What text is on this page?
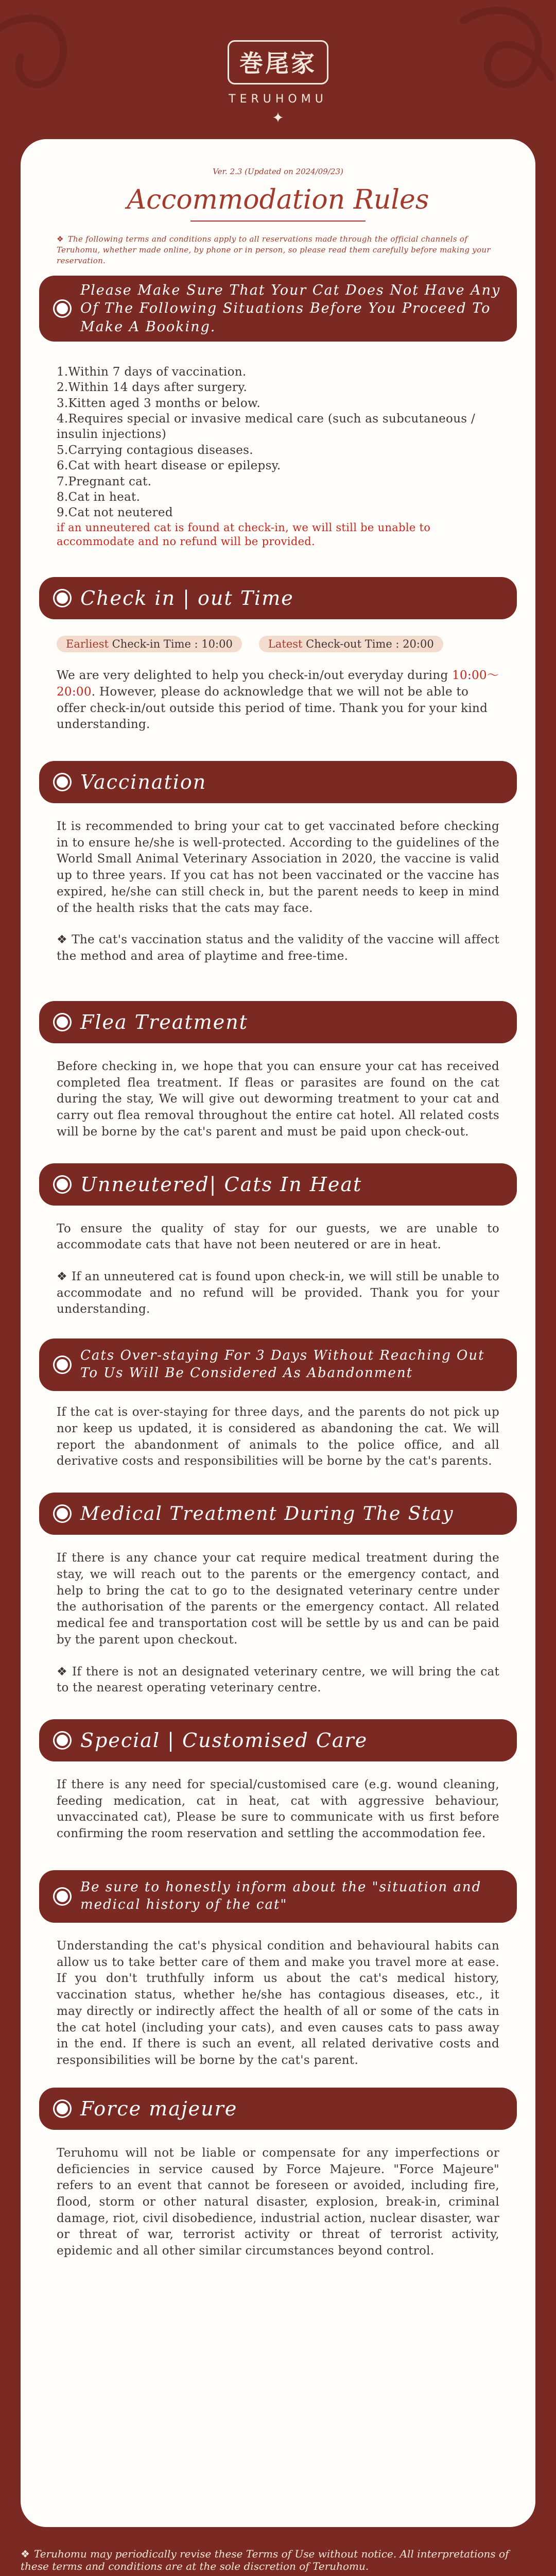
巻尾家
TERUHOMU
✦
Ver. 2.3 (Updated on 2024/09/23)
Accommodation Rules
❖ The following terms and conditions apply to all reservations made through the official channels of Teruhomu, whether made online, by phone or in person, so please read them carefully before making your reservation.
Please Make Sure That Your Cat Does Not Have Any Of The Following Situations Before You Proceed To Make A Booking.
1.Within 7 days of vaccination.
2.Within 14 days after surgery.
3.Kitten aged 3 months or below.
4.Requires special or invasive medical care (such as subcutaneous / insulin injections)
5.Carrying contagious diseases.
6.Cat with heart disease or epilepsy.
7.Pregnant cat.
8.Cat in heat.
9.Cat not neutered
if an unneutered cat is found at check-in, we will still be unable to accommodate and no refund will be provided.
Check in | out Time
Earliest Check-in Time : 10:00	Latest Check-out Time : 20:00
We are very delighted to help you check-in/out everyday during 10:00～20:00. However, please do acknowledge that we will not be able to offer check-in/out outside this period of time. Thank you for your kind understanding.
Vaccination
It is recommended to bring your cat to get vaccinated before checking in to ensure he/she is well-protected. According to the guidelines of the World Small Animal Veterinary Association in 2020, the vaccine is valid up to three years. If you cat has not been vaccinated or the vaccine has expired, he/she can still check in, but the parent needs to keep in mind of the health risks that the cats may face.
❖ The cat's vaccination status and the validity of the vaccine will affect the method and area of playtime and free-time.
Flea Treatment
Before checking in, we hope that you can ensure your cat has received completed flea treatment. If fleas or parasites are found on the cat during the stay, We will give out deworming treatment to your cat and carry out flea removal throughout the entire cat hotel. All related costs will be borne by the cat's parent and must be paid upon check-out.
Unneutered| Cats In Heat
To ensure the quality of stay for our guests, we are unable to accommodate cats that have not been neutered or are in heat.
❖ If an unneutered cat is found upon check-in, we will still be unable to accommodate and no refund will be provided. Thank you for your understanding.
Cats Over-staying For 3 Days Without Reaching Out To Us Will Be Considered As Abandonment
If the cat is over-staying for three days, and the parents do not pick up nor keep us updated, it is considered as abandoning the cat. We will report the abandonment of animals to the police office, and all derivative costs and responsibilities will be borne by the cat's parents.
Medical Treatment During The Stay
If there is any chance your cat require medical treatment during the stay, we will reach out to the parents or the emergency contact, and help to bring the cat to go to the designated veterinary centre under the authorisation of the parents or the emergency contact. All related medical fee and transportation cost will be settle by us and can be paid by the parent upon checkout.
❖ If there is not an designated veterinary centre, we will bring the cat to the nearest operating veterinary centre.
Special | Customised Care
If there is any need for special/customised care (e.g. wound cleaning, feeding medication, cat in heat, cat with aggressive behaviour, unvaccinated cat), Please be sure to communicate with us first before confirming the room reservation and settling the accommodation fee.
Be sure to honestly inform about the "situation and medical history of the cat"
Understanding the cat's physical condition and behavioural habits can allow us to take better care of them and make you travel more at ease. If you don't truthfully inform us about the cat's medical history, vaccination status, whether he/she has contagious diseases, etc., it may directly or indirectly affect the health of all or some of the cats in the cat hotel (including your cats), and even causes cats to pass away in the end. If there is such an event, all related derivative costs and responsibilities will be borne by the cat's parent.
Force majeure
Teruhomu will not be liable or compensate for any imperfections or deficiencies in service caused by Force Majeure. "Force Majeure" refers to an event that cannot be foreseen or avoided, including fire, flood, storm or other natural disaster, explosion, break-in, criminal damage, riot, civil disobedience, industrial action, nuclear disaster, war or threat of war, terrorist activity or threat of terrorist activity, epidemic and all other similar circumstances beyond control.

❖ Teruhomu may periodically revise these Terms of Use without notice. All interpretations of these terms and conditions are at the sole discretion of Teruhomu.
